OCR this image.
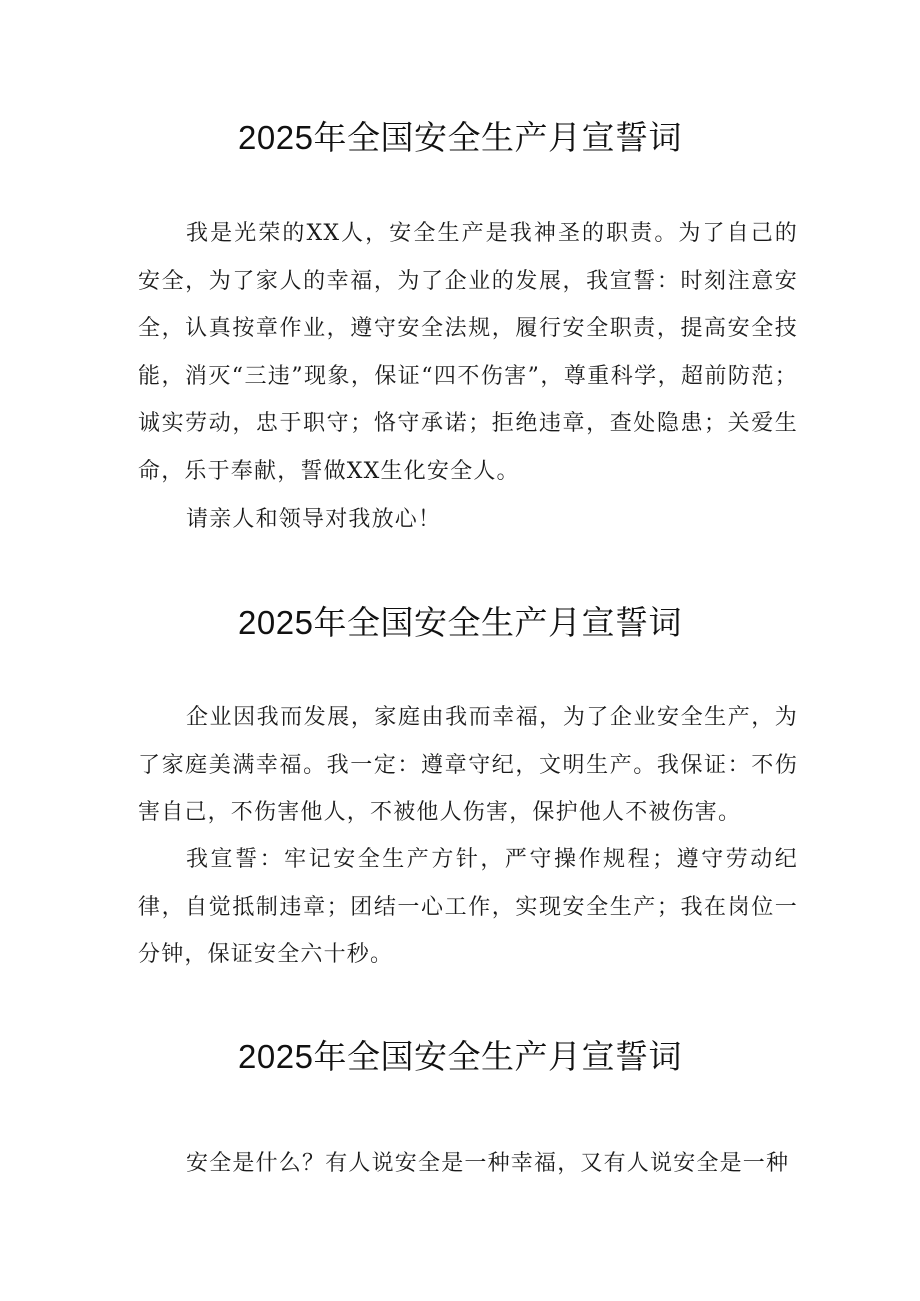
2025年全国安全生产月宣誓词

我是光荣的XX人，安全生产是我神圣的职责。为了自己的安全，为了家人的幸福，为了企业的发展，我宣誓：时刻注意安全，认真按章作业，遵守安全法规，履行安全职责，提高安全技能，消灭“三违”现象，保证“四不伤害”，尊重科学，超前防范；诚实劳动，忠于职守；恪守承诺；拒绝违章，查处隐患；关爱生命，乐于奉献，誓做XX生化安全人。

请亲人和领导对我放心！

2025年全国安全生产月宣誓词

企业因我而发展，家庭由我而幸福，为了企业安全生产，为了家庭美满幸福。我一定：遵章守纪，文明生产。我保证：不伤害自己，不伤害他人，不被他人伤害，保护他人不被伤害。

我宣誓：牢记安全生产方针，严守操作规程；遵守劳动纪律，自觉抵制违章；团结一心工作，实现安全生产；我在岗位一分钟，保证安全六十秒。

2025年全国安全生产月宣誓词

安全是什么？有人说安全是一种幸福，又有人说安全是一种
